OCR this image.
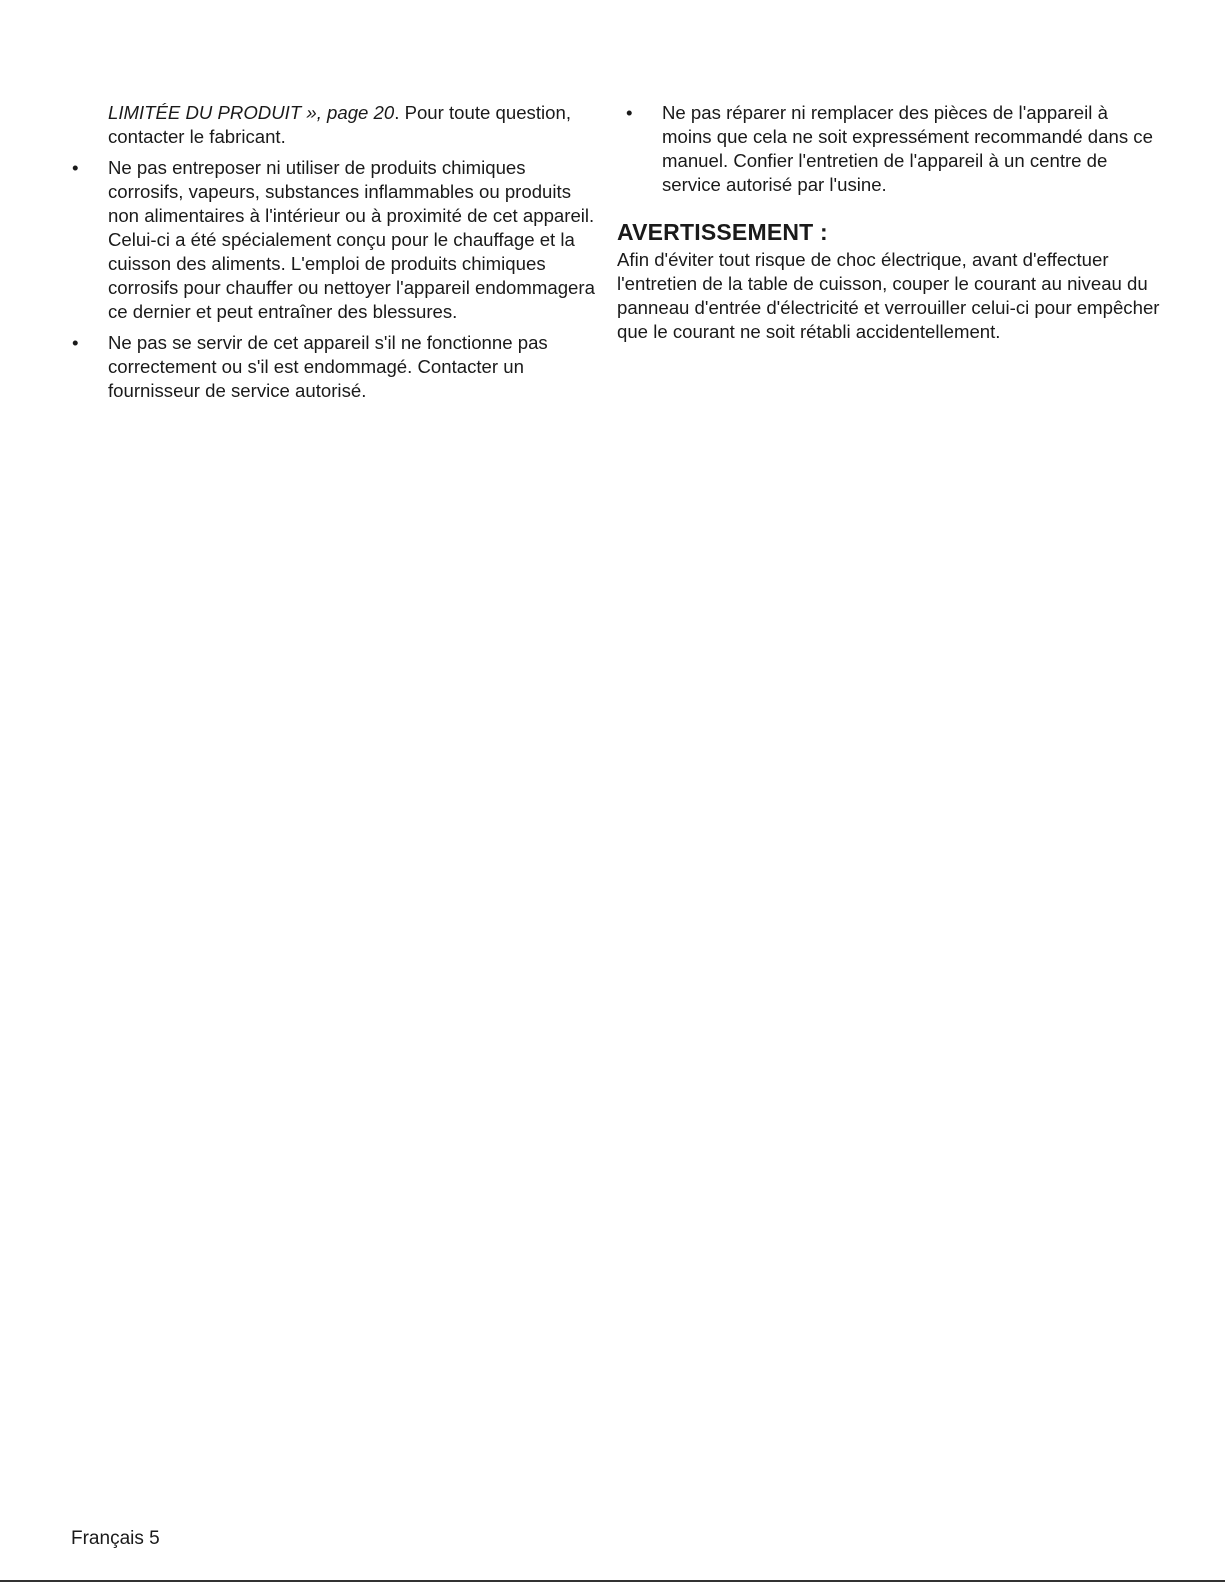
LIMITÉE DU PRODUIT », page 20. Pour toute question, contacter le fabricant.

• Ne pas entreposer ni utiliser de produits chimiques corrosifs, vapeurs, substances inflammables ou produits non alimentaires à l'intérieur ou à proximité de cet appareil. Celui-ci a été spécialement conçu pour le chauffage et la cuisson des aliments. L'emploi de produits chimiques corrosifs pour chauffer ou nettoyer l'appareil endommagera ce dernier et peut entraîner des blessures.
• Ne pas se servir de cet appareil s'il ne fonctionne pas correctement ou s'il est endommagé. Contacter un fournisseur de service autorisé.
• Ne pas réparer ni remplacer des pièces de l'appareil à moins que cela ne soit expressément recommandé dans ce manuel. Confier l'entretien de l'appareil à un centre de service autorisé par l'usine.
AVERTISSEMENT :

Afin d'éviter tout risque de choc électrique, avant d'effectuer l'entretien de la table de cuisson, couper le courant au niveau du panneau d'entrée d'électricité et verrouiller celui-ci pour empêcher que le courant ne soit rétabli accidentellement.

Français 5
